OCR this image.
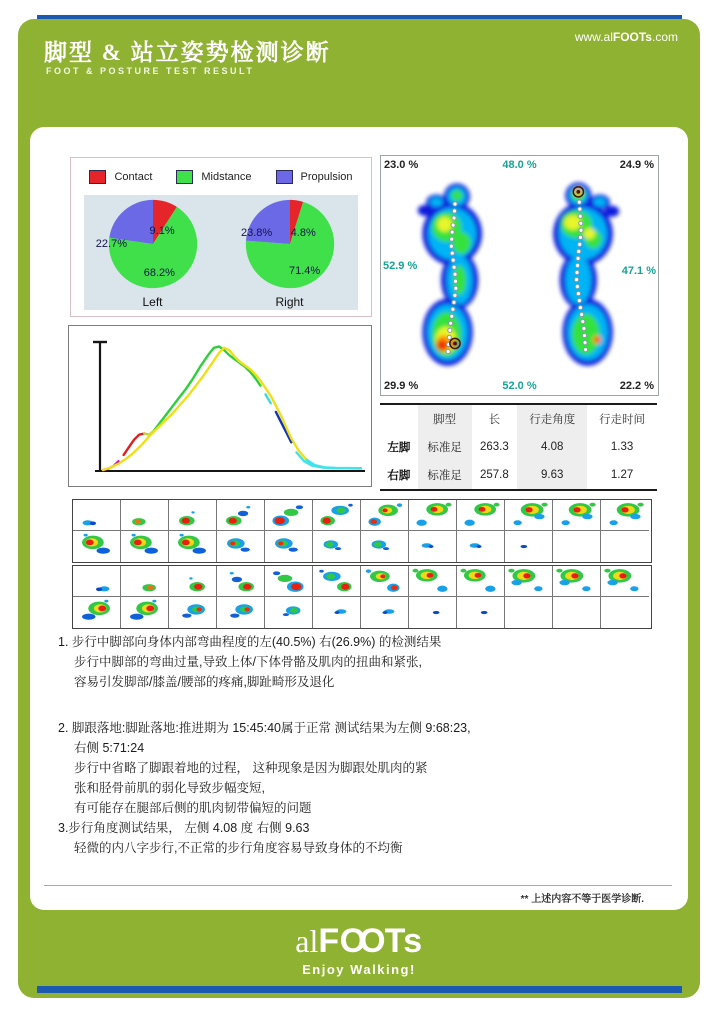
www.alFOOTs.com
脚型 & 站立姿势检测诊断
FOOT & POSTURE TEST RESULT
Contact	Midstance	Propulsion
9.1%
68.2%
22.7%
Left
4.8%
71.4%
23.8%
Right
23.0 %	48.0 %	24.9 %
52.9 %	47.1 %
29.9 %	52.0 %	22.2 %
	脚型	长	行走角度	行走时间
左脚	标准足	263.3	4.08	1.33
右脚	标准足	257.8	9.63	1.27
1. 步行中脚部向身体内部弯曲程度的左(40.5%) 右(26.9%) 的检测结果
步行中脚部的弯曲过量,导致上体/下体骨骼及肌肉的扭曲和紧张,
容易引发脚部/膝盖/腰部的疼痛,脚趾畸形及退化
2. 脚跟落地:脚趾落地:推进期为 15:45:40属于正常 测试结果为左侧 9:68:23,
右侧 5:71:24
步行中省略了脚跟着地的过程， 这种现象是因为脚跟处肌肉的紧
张和胫骨前肌的弱化导致步幅变短,
有可能存在腿部后侧的肌肉韧带偏短的问题
3.步行角度测试结果， 左侧 4.08 度 右侧 9.63
轻微的内八字步行,不正常的步行角度容易导致身体的不均衡
** 上述内容不等于医学诊断.
alFOO Ts
Enjoy Walking!
